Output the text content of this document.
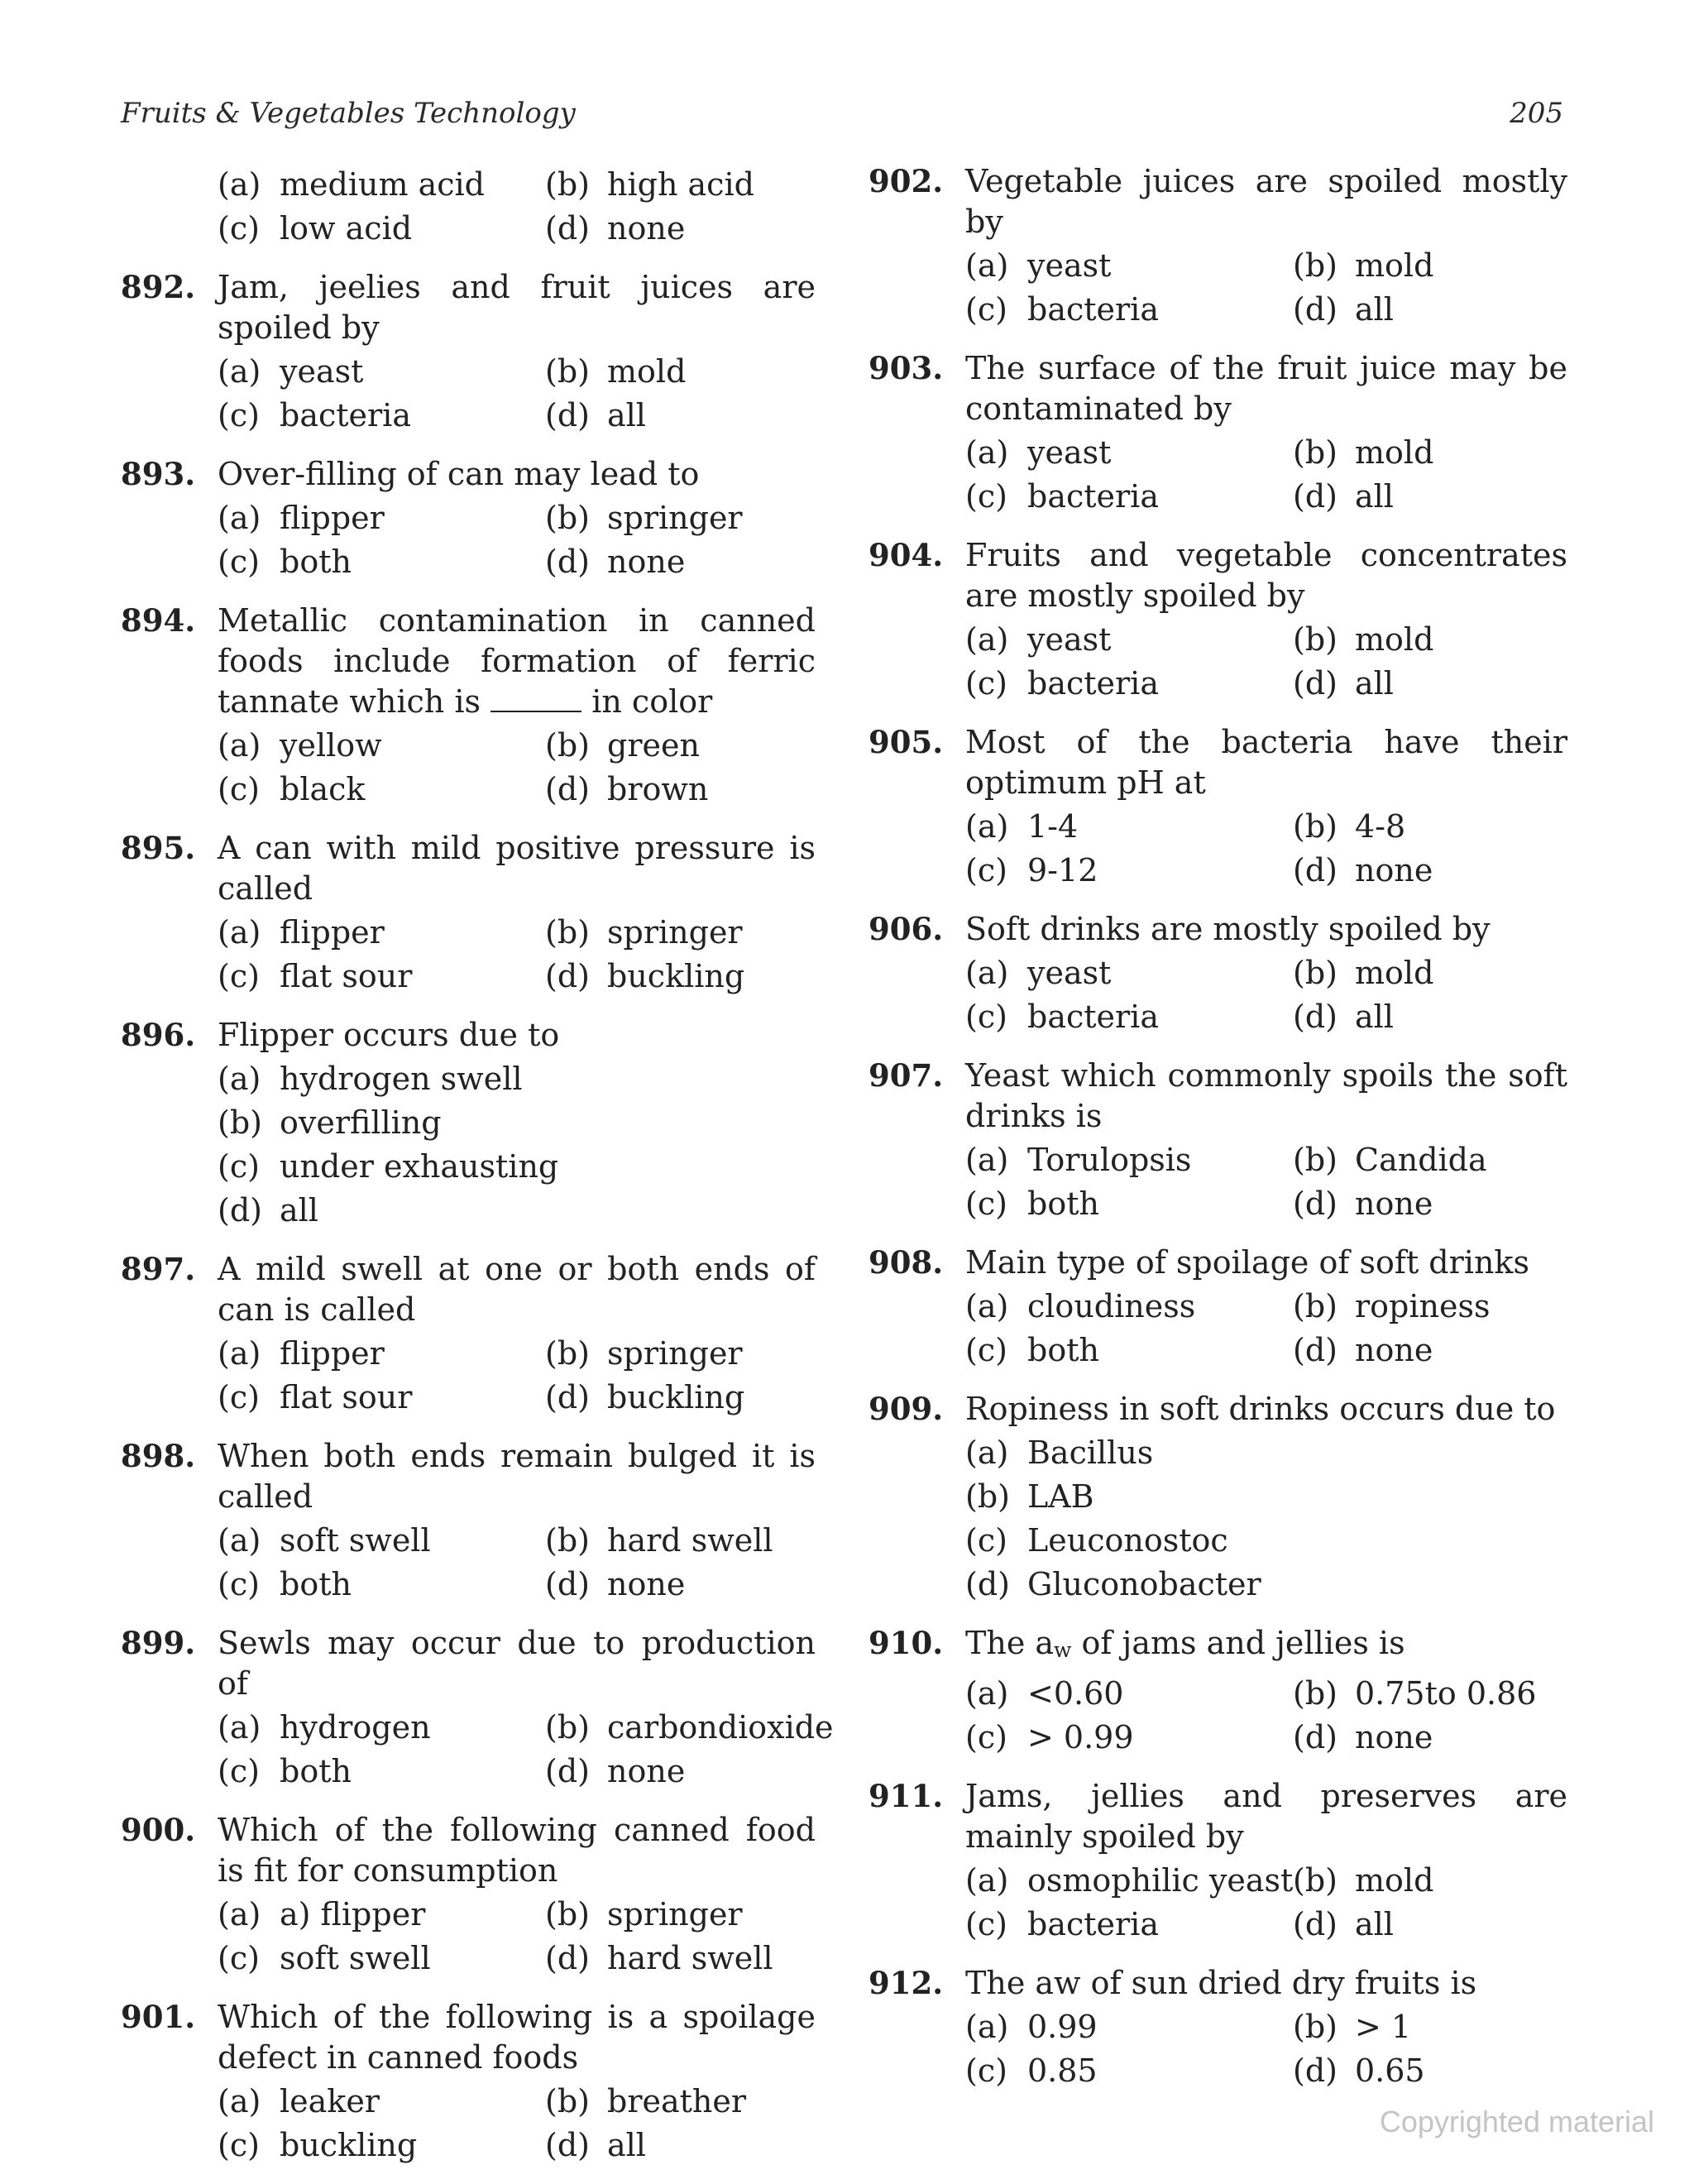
Fruits & Vegetables Technology	205
(a) medium acid	(b) high acid
(c) low acid	(d) none
892. Jam, jeelies and fruit juices are spoiled by
(a) yeast	(b) mold
(c) bacteria	(d) all
893. Over-filling of can may lead to
(a) flipper	(b) springer
(c) both	(d) none
894. Metallic contamination in canned foods include formation of ferric tannate which is	in color
(a) yellow	(b) green
(c) black	(d) brown
895. A can with mild positive pressure is called
(a) flipper	(b) springer
(c) flat sour	(d) buckling
896. Flipper occurs due to
(a) hydrogen swell
(b) overfilling
(c) under exhausting
(d) all
897. A mild swell at one or both ends of can is called
(a) flipper	(b) springer
(c) flat sour	(d) buckling
898. When both ends remain bulged it is called
(a) soft swell	(b) hard swell
(c) both	(d) none
899. Sewls may occur due to production of
(a) hydrogen	(b) carbondioxide
(c) both	(d) none
900. Which of the following canned food is fit for consumption
(a) a) flipper	(b) springer
(c) soft swell	(d) hard swell
901. Which of the following is a spoilage defect in canned foods
(a) leaker	(b) breather
(c) buckling	(d) all
902. Vegetable juices are spoiled mostly by
(a) yeast	(b) mold
(c) bacteria	(d) all
903. The surface of the fruit juice may be contaminated by
(a) yeast	(b) mold
(c) bacteria	(d) all
904. Fruits and vegetable concentrates are mostly spoiled by
(a) yeast	(b) mold
(c) bacteria	(d) all
905. Most of the bacteria have their optimum pH at
(a) 1-4	(b) 4-8
(c) 9-12	(d) none
906. Soft drinks are mostly spoiled by
(a) yeast	(b) mold
(c) bacteria	(d) all
907. Yeast which commonly spoils the soft drinks is
(a) Torulopsis	(b) Candida
(c) both	(d) none
908. Main type of spoilage of soft drinks
(a) cloudiness	(b) ropiness
(c) both	(d) none
909. Ropiness in soft drinks occurs due to
(a) Bacillus
(b) LAB
(c) Leuconostoc
(d) Gluconobacter
910. The aw of jams and jellies is
(a) <0.60	(b) 0.75to 0.86
(c) > 0.99	(d) none
911. Jams, jellies and preserves are mainly spoiled by
(a) osmophilic yeast (b) mold
(c) bacteria	(d) all
912. The aw of sun dried dry fruits is
(a) 0.99	(b) > 1
(c) 0.85	(d) 0.65
Copyrighted material
